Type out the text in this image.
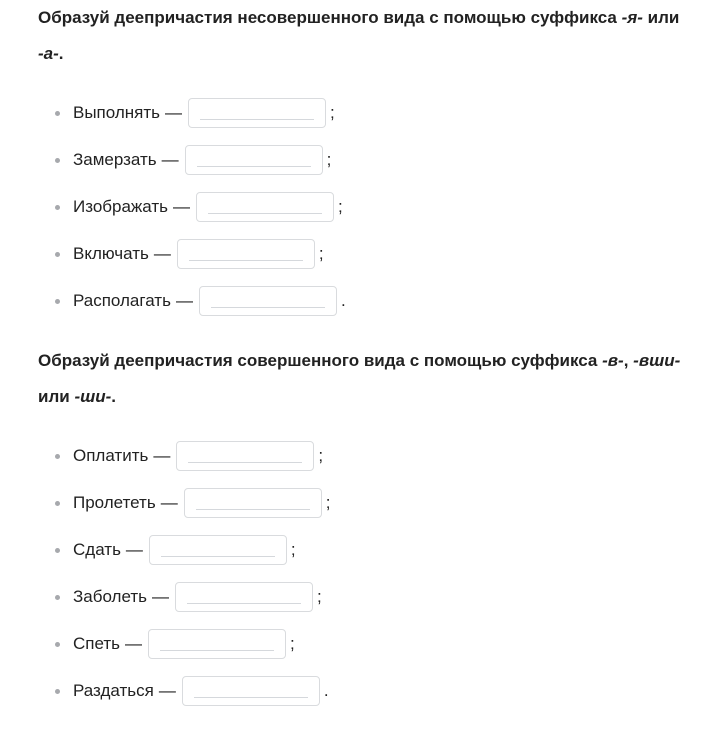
Образуй деепричастия несовершенного вида с помощью суффикса -я- или -а-.

Выполнять —	;
Замерзать —	;
Изображать —	;
Включать —	;
Располагать —	.

Образуй деепричастия совершенного вида с помощью суффикса -в-, -вши- или -ши-.

Оплатить —	;
Пролететь —	;
Сдать —	;
Заболеть —	;
Спеть —	;
Раздаться —	.
